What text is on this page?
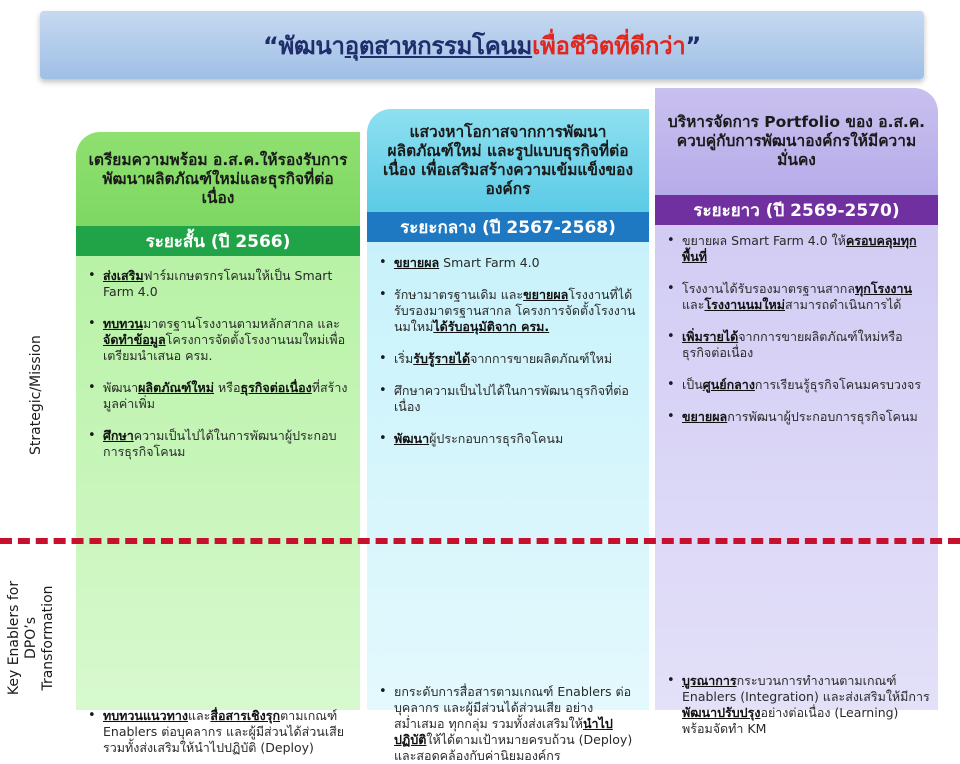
“พัฒนาอุตสาหกรรมโคนมเพื่อชีวิตที่ดีกว่า”
เตรียมความพร้อม อ.ส.ค.ให้รองรับการพัฒนาผลิตภัณฑ์ใหม่และธุรกิจที่ต่อเนื่อง
ระยะสั้น (ปี 2566)
• ส่งเสริมฟาร์มเกษตรกรโคนมให้เป็น Smart Farm 4.0
• ทบทวนมาตรฐานโรงงานตามหลักสากล และจัดทำข้อมูลโครงการจัดตั้งโรงงานนมใหม่เพื่อเตรียมนำเสนอ ครม.
• พัฒนาผลิตภัณฑ์ใหม่ หรือธุรกิจต่อเนื่องที่สร้างมูลค่าเพิ่ม
• ศึกษาความเป็นไปได้ในการพัฒนาผู้ประกอบการธุรกิจโคนม
• ทบทวนแนวทางและสื่อสารเชิงรุกตามเกณฑ์ Enablers ต่อบุคลากร และผู้มีส่วนได้ส่วนเสีย รวมทั้งส่งเสริมให้นำไปปฏิบัติ (Deploy)
แสวงหาโอกาสจากการพัฒนาผลิตภัณฑ์ใหม่ และรูปแบบธุรกิจที่ต่อเนื่อง เพื่อเสริมสร้างความเข้มแข็งขององค์กร
ระยะกลาง (ปี 2567-2568)
• ขยายผล Smart Farm 4.0
• รักษามาตรฐานเดิม และขยายผลโรงงานที่ได้รับรองมาตรฐานสากล โครงการจัดตั้งโรงงานนมใหม่ได้รับอนุมัติจาก ครม.
• เริ่มรับรู้รายได้จากการขายผลิตภัณฑ์ใหม่
• ศึกษาความเป็นไปได้ในการพัฒนาธุรกิจที่ต่อเนื่อง
• พัฒนาผู้ประกอบการธุรกิจโคนม
• ยกระดับการสื่อสารตามเกณฑ์ Enablers ต่อบุคลากร และผู้มีส่วนได้ส่วนเสีย อย่างสม่ำเสมอ ทุกกลุ่ม รวมทั้งส่งเสริมให้นำไปปฏิบัติให้ได้ตามเป้าหมายครบถ้วน (Deploy) และสอดคล้องกับค่านิยมองค์กร
บริหารจัดการ Portfolio ของ อ.ส.ค. ควบคู่กับการพัฒนาองค์กรให้มีความมั่นคง
ระยะยาว (ปี 2569-2570)
• ขยายผล Smart Farm 4.0 ให้ครอบคลุมทุกพื้นที่
• โรงงานได้รับรองมาตรฐานสากลทุกโรงงานและโรงงานนมใหม่สามารถดำเนินการได้
• เพิ่มรายได้จากการขายผลิตภัณฑ์ใหม่หรือธุรกิจต่อเนื่อง
• เป็นศูนย์กลางการเรียนรู้ธุรกิจโคนมครบวงจร
• ขยายผลการพัฒนาผู้ประกอบการธุรกิจโคนม
• บูรณาการกระบวนการทำงานตามเกณฑ์ Enablers (Integration) และส่งเสริมให้มีการพัฒนาปรับปรุงอย่างต่อเนื่อง (Learning) พร้อมจัดทำ KM
Strategic/Mission
Key Enablers for DPO’s Transformation
